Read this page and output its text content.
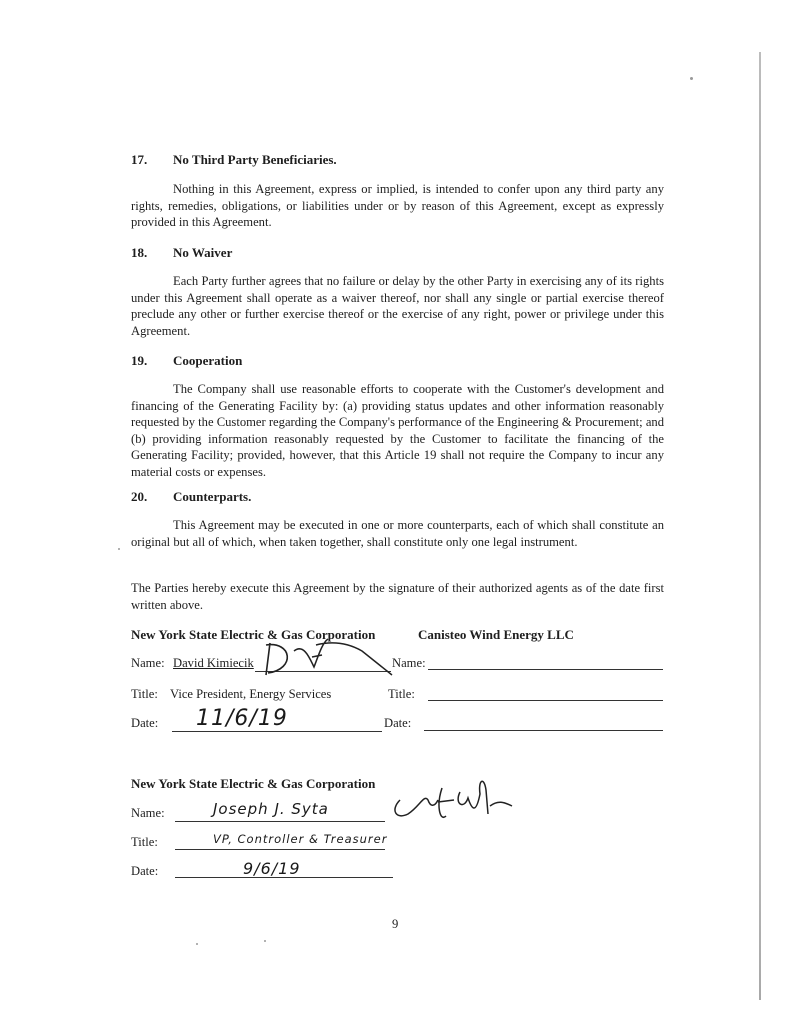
17. No Third Party Beneficiaries.

Nothing in this Agreement, express or implied, is intended to confer upon any third party any rights, remedies, obligations, or liabilities under or by reason of this Agreement, except as expressly provided in this Agreement.

18. No Waiver

Each Party further agrees that no failure or delay by the other Party in exercising any of its rights under this Agreement shall operate as a waiver thereof, nor shall any single or partial exercise thereof preclude any other or further exercise thereof or the exercise of any right, power or privilege under this Agreement.

19. Cooperation

The Company shall use reasonable efforts to cooperate with the Customer's development and financing of the Generating Facility by: (a) providing status updates and other information reasonably requested by the Customer regarding the Company's performance of the Engineering & Procurement; and (b) providing information reasonably requested by the Customer to facilitate the financing of the Generating Facility; provided, however, that this Article 19 shall not require the Company to incur any material costs or expenses.

20. Counterparts.

This Agreement may be executed in one or more counterparts, each of which shall constitute an original but all of which, when taken together, shall constitute only one legal instrument.

The Parties hereby execute this Agreement by the signature of their authorized agents as of the date first written above.

New York State Electric & Gas Corporation	Canisteo Wind Energy LLC
Name: David Kimiecik	Name:
Title: Vice President, Energy Services	Title:
Date: 11/6/19	Date:
New York State Electric & Gas Corporation
Name:	Joseph J. Syta
Title:	VP, Controller & Treasurer
Date:	9/6/19
9
